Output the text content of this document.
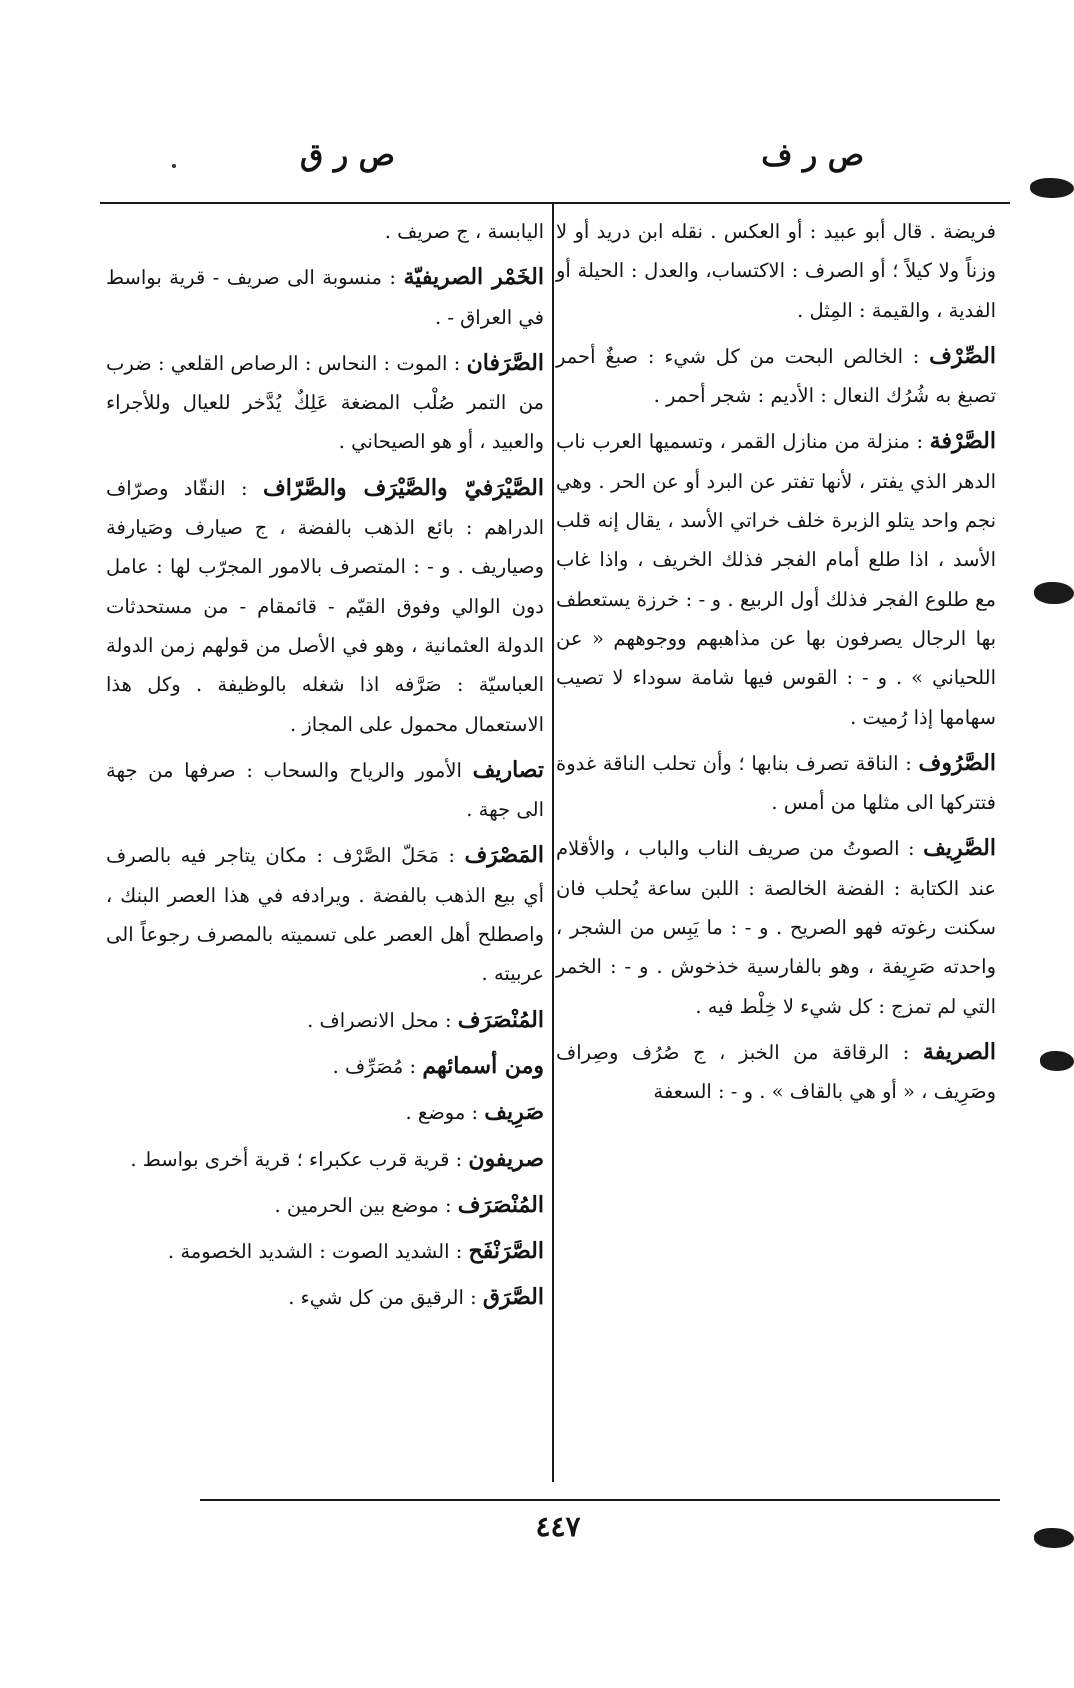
ص ر ف
ص ر ق

فريضة . قال أبو عبيد : أو العكس . نقله ابن دريد أو لا وزناً ولا كيلاً ؛ أو الصرف : الاكتساب، والعدل : الحيلة أو الفدية ، والقيمة : المِثل .

الصِّرْف : الخالص البحت من كل شيء : صبغٌ أحمر تصبغ به شُرُك النعال : الأديم : شجر أحمر .

الصَّرْفة : منزلة من منازل القمر ، وتسميها العرب ناب الدهر الذي يفتر ، لأنها تفتر عن البرد أو عن الحر . وهي نجم واحد يتلو الزبرة خلف خراتي الأسد ، يقال إنه قلب الأسد ، اذا طلع أمام الفجر فذلك الخريف ، واذا غاب مع طلوع الفجر فذلك أول الربيع . و - : خرزة يستعطف بها الرجال يصرفون بها عن مذاهبهم ووجوههم « عن اللحياني » . و - : القوس فيها شامة سوداء لا تصيب سهامها إذا رُميت .

الصَّرُوف : الناقة تصرف بنابها ؛ وأن تحلب الناقة غدوة فتتركها الى مثلها من أمس .

الصَّرِيف : الصوتُ من صريف الناب والباب ، والأقلام عند الكتابة : الفضة الخالصة : اللبن ساعة يُحلب فان سكنت رغوته فهو الصريح . و - : ما يَبِس من الشجر ، واحدته صَرِيفة ، وهو بالفارسية خذخوش . و - : الخمر التي لم تمزج : كل شيء لا خِلْط فيه .

الصريفة : الرقاقة من الخبز ، ج صُرُف وصِراف وصَرِيف ، « أو هي بالقاف » . و - : السعفة

اليابسة ، ج صريف .

الخَمْر الصريفيّة : منسوبة الى صريف - قرية بواسط في العراق - .

الصَّرَفان : الموت : النحاس : الرصاص القلعي : ضرب من التمر صُلْب المضغة عَلِكٌ يُدَّخر للعيال وللأجراء والعبيد ، أو هو الصيحاني .

الصَّيْرَفيّ والصَّيْرَف والصَّرّاف : النقّاد وصرّاف الدراهم : بائع الذهب بالفضة ، ج صيارف وصَيارفة وصياريف . و - : المتصرف بالامور المجرّب لها : عامل دون الوالي وفوق القيّم - قائمقام - من مستحدثات الدولة العثمانية ، وهو في الأصل من قولهم زمن الدولة العباسيّة : صَرَّفه اذا شغله بالوظيفة . وكل هذا الاستعمال محمول على المجاز .

تصاريف الأمور والرياح والسحاب : صرفها من جهة الى جهة .

المَصْرَف : مَحَلّ الصَّرْف : مكان يتاجر فيه بالصرف أي بيع الذهب بالفضة . ويرادفه في هذا العصر البنك ، واصطلح أهل العصر على تسميته بالمصرف رجوعاً الى عربيته .

المُنْصَرَف : محل الانصراف .

ومن أسمائهم : مُصَرِّف .

صَرِيف : موضع .

صريفون : قرية قرب عكبراء ؛ قرية أخرى بواسط .

المُنْصَرَف : موضع بين الحرمين .

الصَّرَنْفَح : الشديد الصوت : الشديد الخصومة .

الصَّرَق : الرقيق من كل شيء .

٤٤٧
